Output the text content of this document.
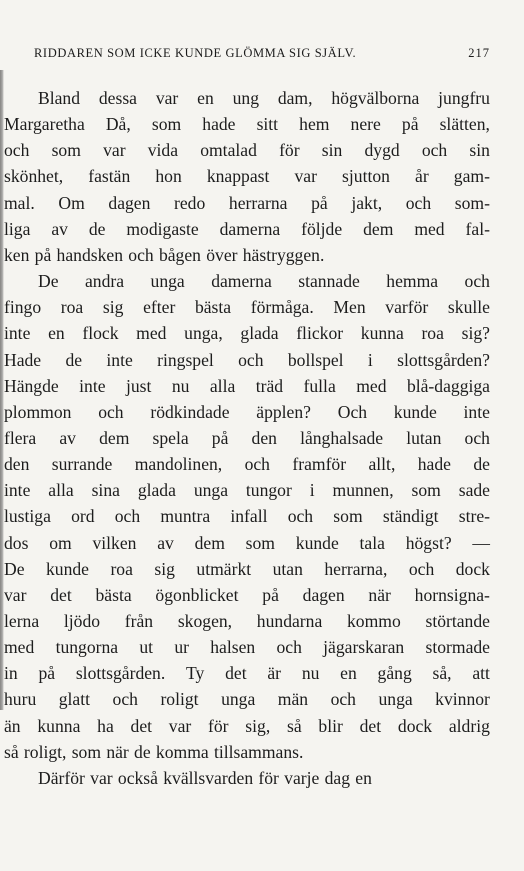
RIDDAREN SOM ICKE KUNDE GLÖMMA SIG SJÄLV.	217
Bland dessa var en ung dam, högvälborna jungfru
Margaretha Då, som hade sitt hem nere på slätten,
och som var vida omtalad för sin dygd och sin
skönhet, fastän hon knappast var sjutton år gam-
mal. Om dagen redo herrarna på jakt, och som-
liga av de modigaste damerna följde dem med fal-
ken på handsken och bågen över hästryggen.
De andra unga damerna stannade hemma och
fingo roa sig efter bästa förmåga. Men varför skulle
inte en flock med unga, glada flickor kunna roa sig?
Hade de inte ringspel och bollspel i slottsgården?
Hängde inte just nu alla träd fulla med blå-daggiga
plommon och rödkindade äpplen? Och kunde inte
flera av dem spela på den långhalsade lutan och
den surrande mandolinen, och framför allt, hade de
inte alla sina glada unga tungor i munnen, som sade
lustiga ord och muntra infall och som ständigt stre-
dos om vilken av dem som kunde tala högst? —
De kunde roa sig utmärkt utan herrarna, och dock
var det bästa ögonblicket på dagen när hornsigna-
lerna ljödo från skogen, hundarna kommo störtande
med tungorna ut ur halsen och jägarskaran stormade
in på slottsgården. Ty det är nu en gång så, att
huru glatt och roligt unga män och unga kvinnor
än kunna ha det var för sig, så blir det dock aldrig
så roligt, som när de komma tillsammans.
Därför var också kvällsvarden för varje dag en
